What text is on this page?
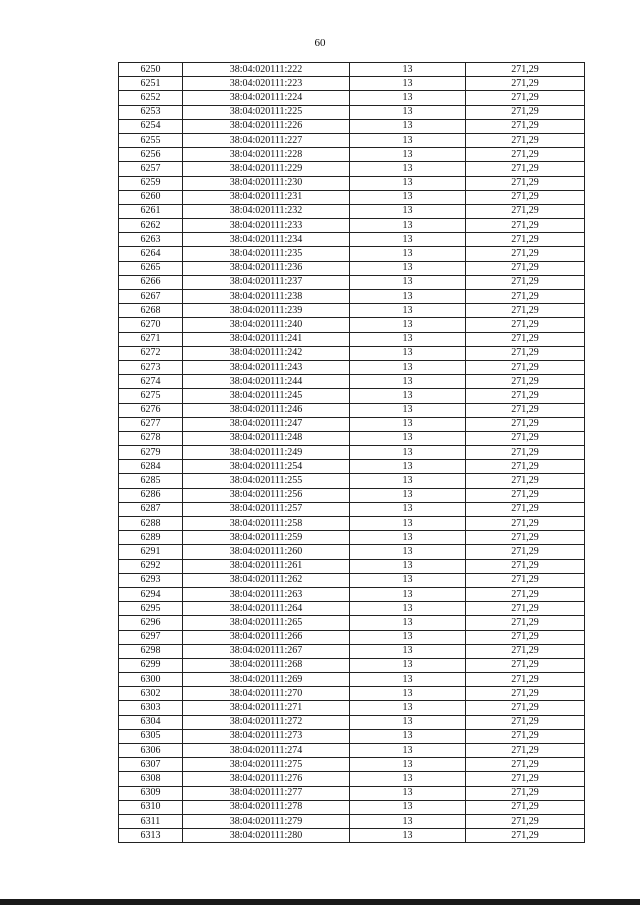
60
6250	38:04:020111:222	13	271,29
6251	38:04:020111:223	13	271,29
6252	38:04:020111:224	13	271,29
6253	38:04:020111:225	13	271,29
6254	38:04:020111:226	13	271,29
6255	38:04:020111:227	13	271,29
6256	38:04:020111:228	13	271,29
6257	38:04:020111:229	13	271,29
6259	38:04:020111:230	13	271,29
6260	38:04:020111:231	13	271,29
6261	38:04:020111:232	13	271,29
6262	38:04:020111:233	13	271,29
6263	38:04:020111:234	13	271,29
6264	38:04:020111:235	13	271,29
6265	38:04:020111:236	13	271,29
6266	38:04:020111:237	13	271,29
6267	38:04:020111:238	13	271,29
6268	38:04:020111:239	13	271,29
6270	38:04:020111:240	13	271,29
6271	38:04:020111:241	13	271,29
6272	38:04:020111:242	13	271,29
6273	38:04:020111:243	13	271,29
6274	38:04:020111:244	13	271,29
6275	38:04:020111:245	13	271,29
6276	38:04:020111:246	13	271,29
6277	38:04:020111:247	13	271,29
6278	38:04:020111:248	13	271,29
6279	38:04:020111:249	13	271,29
6284	38:04:020111:254	13	271,29
6285	38:04:020111:255	13	271,29
6286	38:04:020111:256	13	271,29
6287	38:04:020111:257	13	271,29
6288	38:04:020111:258	13	271,29
6289	38:04:020111:259	13	271,29
6291	38:04:020111:260	13	271,29
6292	38:04:020111:261	13	271,29
6293	38:04:020111:262	13	271,29
6294	38:04:020111:263	13	271,29
6295	38:04:020111:264	13	271,29
6296	38:04:020111:265	13	271,29
6297	38:04:020111:266	13	271,29
6298	38:04:020111:267	13	271,29
6299	38:04:020111:268	13	271,29
6300	38:04:020111:269	13	271,29
6302	38:04:020111:270	13	271,29
6303	38:04:020111:271	13	271,29
6304	38:04:020111:272	13	271,29
6305	38:04:020111:273	13	271,29
6306	38:04:020111:274	13	271,29
6307	38:04:020111:275	13	271,29
6308	38:04:020111:276	13	271,29
6309	38:04:020111:277	13	271,29
6310	38:04:020111:278	13	271,29
6311	38:04:020111:279	13	271,29
6313	38:04:020111:280	13	271,29
